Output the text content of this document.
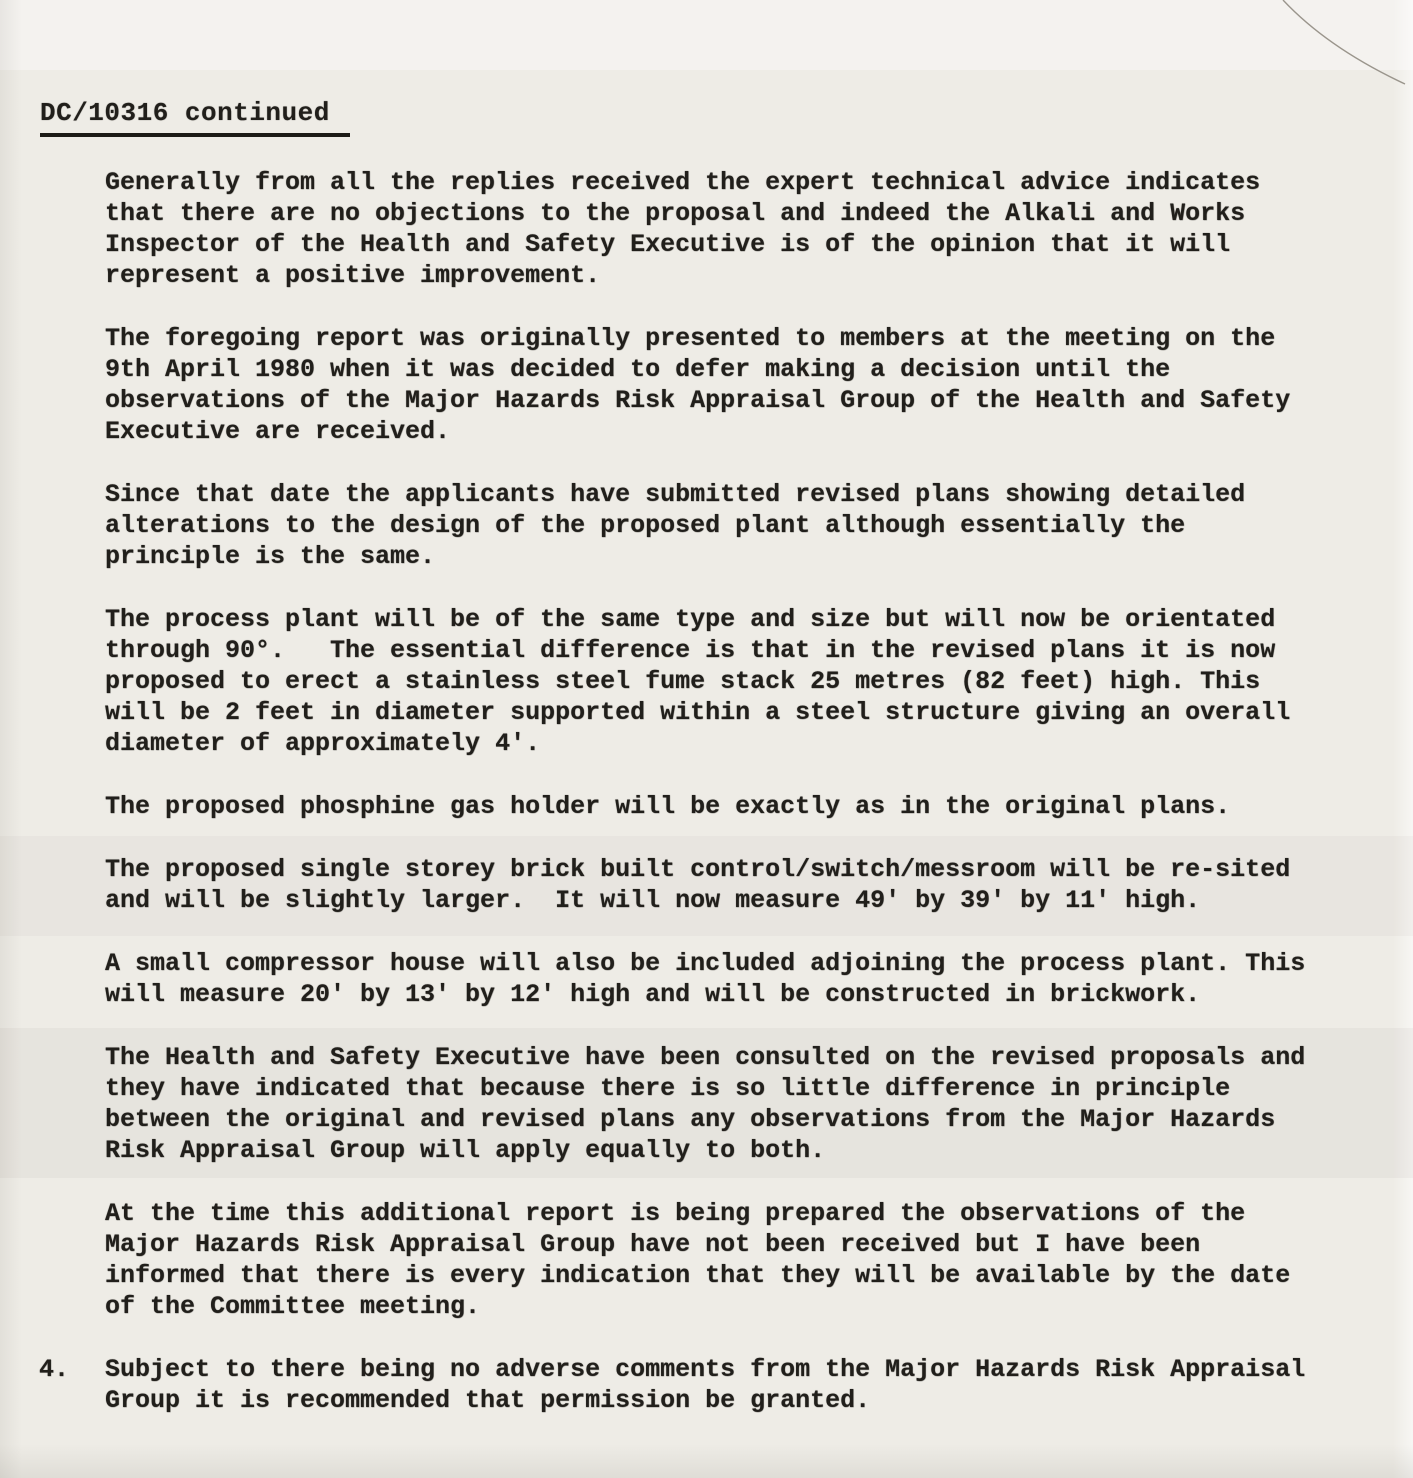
DC/10316 continued

Generally from all the replies received the expert technical advice indicates that there are no objections to the proposal and indeed the Alkali and Works Inspector of the Health and Safety Executive is of the opinion that it will represent a positive improvement.

The foregoing report was originally presented to members at the meeting on the 9th April 1980 when it was decided to defer making a decision until the observations of the Major Hazards Risk Appraisal Group of the Health and Safety Executive are received.

Since that date the applicants have submitted revised plans showing detailed alterations to the design of the proposed plant although essentially the principle is the same.

The process plant will be of the same type and size but will now be orientated through 90°.   The essential difference is that in the revised plans it is now proposed to erect a stainless steel fume stack 25 metres (82 feet) high. This will be 2 feet in diameter supported within a steel structure giving an overall diameter of approximately 4'.

The proposed phosphine gas holder will be exactly as in the original plans.

The proposed single storey brick built control/switch/messroom will be re-sited and will be slightly larger.  It will now measure 49' by 39' by 11' high.

A small compressor house will also be included adjoining the process plant. This will measure 20' by 13' by 12' high and will be constructed in brickwork.

The Health and Safety Executive have been consulted on the revised proposals and they have indicated that because there is so little difference in principle between the original and revised plans any observations from the Major Hazards Risk Appraisal Group will apply equally to both.

At the time this additional report is being prepared the observations of the Major Hazards Risk Appraisal Group have not been received but I have been informed that there is every indication that they will be available by the date of the Committee meeting.

4. Subject to there being no adverse comments from the Major Hazards Risk Appraisal Group it is recommended that permission be granted.
